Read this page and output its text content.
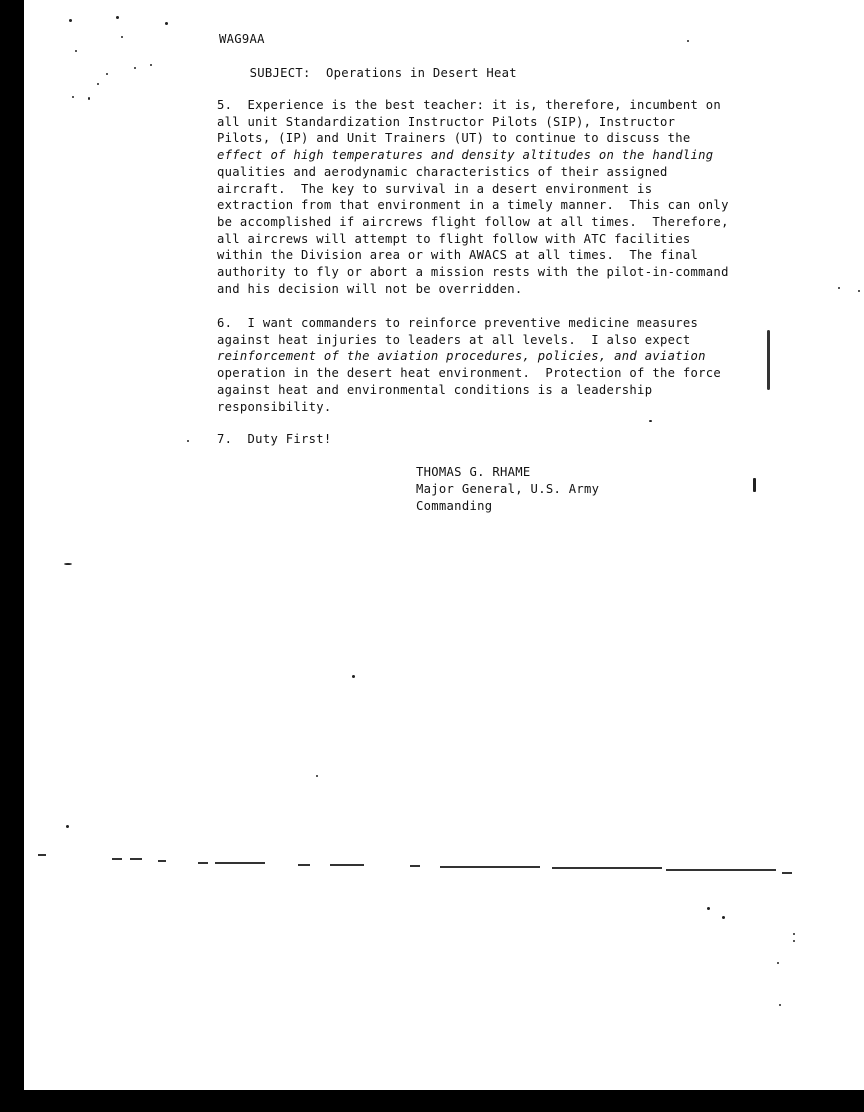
WAG9AA

SUBJECT: Operations in Desert Heat

5.  Experience is the best teacher: it is, therefore, incumbent on
all unit Standardization Instructor Pilots (SIP), Instructor
Pilots, (IP) and Unit Trainers (UT) to continue to discuss the
effect of high temperatures and density altitudes on the handling
qualities and aerodynamic characteristics of their assigned
aircraft.  The key to survival in a desert environment is
extraction from that environment in a timely manner.  This can only
be accomplished if aircrews flight follow at all times.  Therefore,
all aircrews will attempt to flight follow with ATC facilities
within the Division area or with AWACS at all times.  The final
authority to fly or abort a mission rests with the pilot-in-command
and his decision will not be overridden.
6.  I want commanders to reinforce preventive medicine measures
against heat injuries to leaders at all levels.  I also expect
reinforcement of the aviation procedures, policies, and aviation
operation in the desert heat environment.  Protection of the force
against heat and environmental conditions is a leadership
responsibility.
7.  Duty First!
THOMAS G. RHAME
Major General, U.S. Army
Commanding
